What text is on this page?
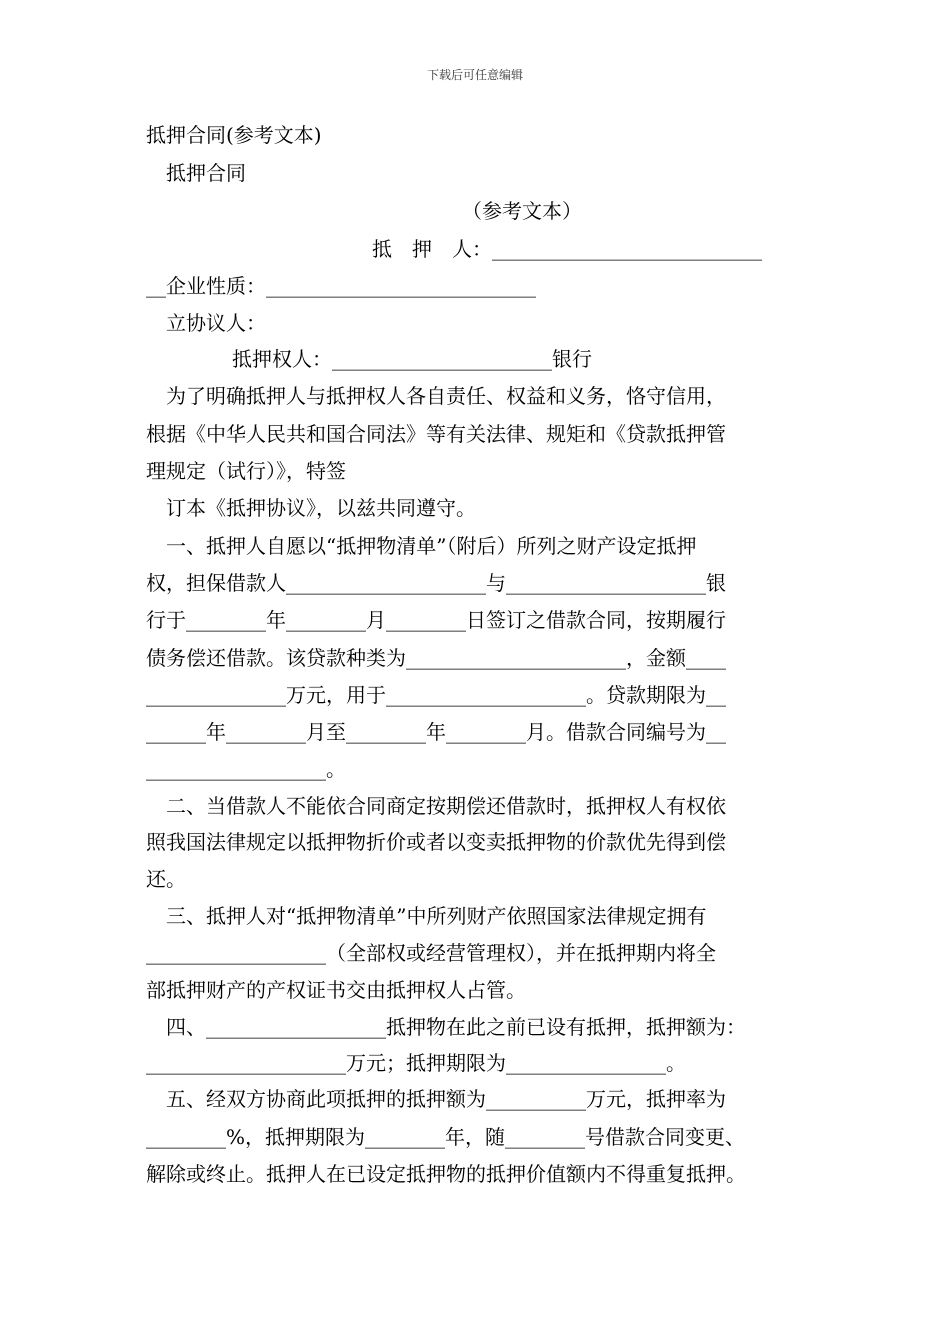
下载后可任意编辑
抵押合同(参考文本)
抵押合同
（参考文本）
抵　押　人：___________________________
__企业性质：___________________________
立协议人：
抵押权人：______________________银行
为了明确抵押人与抵押权人各自责任、权益和义务，恪守信用，
根据《中华人民共和国合同法》等有关法律、规矩和《贷款抵押管
理规定（试行）》，特签
订本《抵押协议》，以兹共同遵守。
一、抵押人自愿以“抵押物清单”（附后）所列之财产设定抵押
权，担保借款人____________________与____________________银
行于________年________月________日签订之借款合同，按期履行
债务偿还借款。该贷款种类为______________________，金额____
______________万元，用于____________________。贷款期限为__
______年________月至________年________月。借款合同编号为__
__________________。
二、当借款人不能依合同商定按期偿还借款时，抵押权人有权依
照我国法律规定以抵押物折价或者以变卖抵押物的价款优先得到偿
还。
三、抵押人对“抵押物清单”中所列财产依照国家法律规定拥有
__________________（全部权或经营管理权），并在抵押期内将全
部抵押财产的产权证书交由抵押权人占管。
四、__________________抵押物在此之前已设有抵押，抵押额为：
____________________万元；抵押期限为________________。
五、经双方协商此项抵押的抵押额为__________万元，抵押率为
________%，抵押期限为________年，随________号借款合同变更、
解除或终止。抵押人在已设定抵押物的抵押价值额内不得重复抵押。
